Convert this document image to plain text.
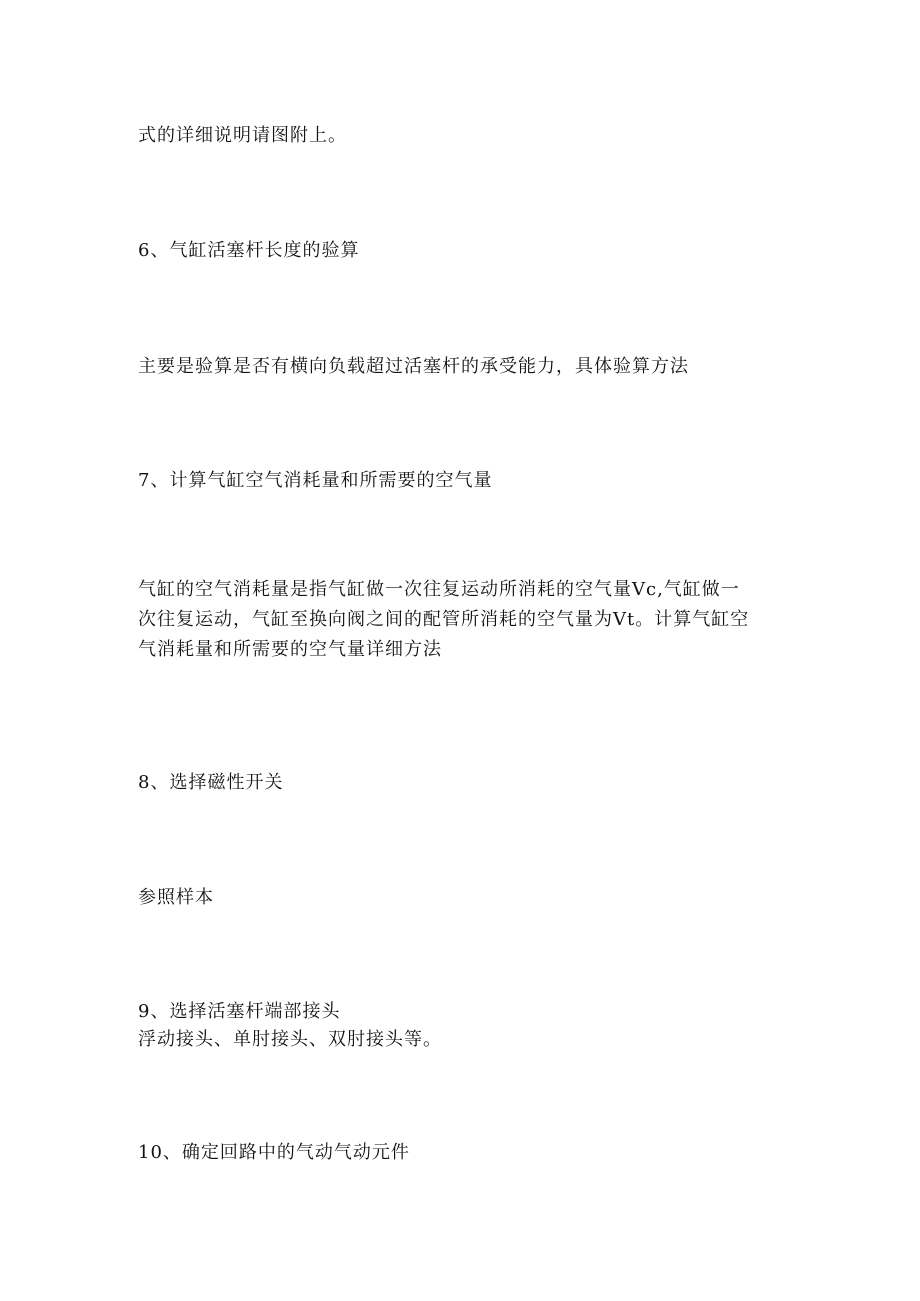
式的详细说明请图附上。
6、气缸活塞杆长度的验算
主要是验算是否有横向负载超过活塞杆的承受能力，具体验算方法
7、计算气缸空气消耗量和所需要的空气量
气缸的空气消耗量是指气缸做一次往复运动所消耗的空气量Vc,气缸做一
次往复运动，气缸至换向阀之间的配管所消耗的空气量为Vt。计算气缸空
气消耗量和所需要的空气量详细方法
8、选择磁性开关
参照样本
9、选择活塞杆端部接头
浮动接头、单肘接头、双肘接头等。
10、确定回路中的气动气动元件
